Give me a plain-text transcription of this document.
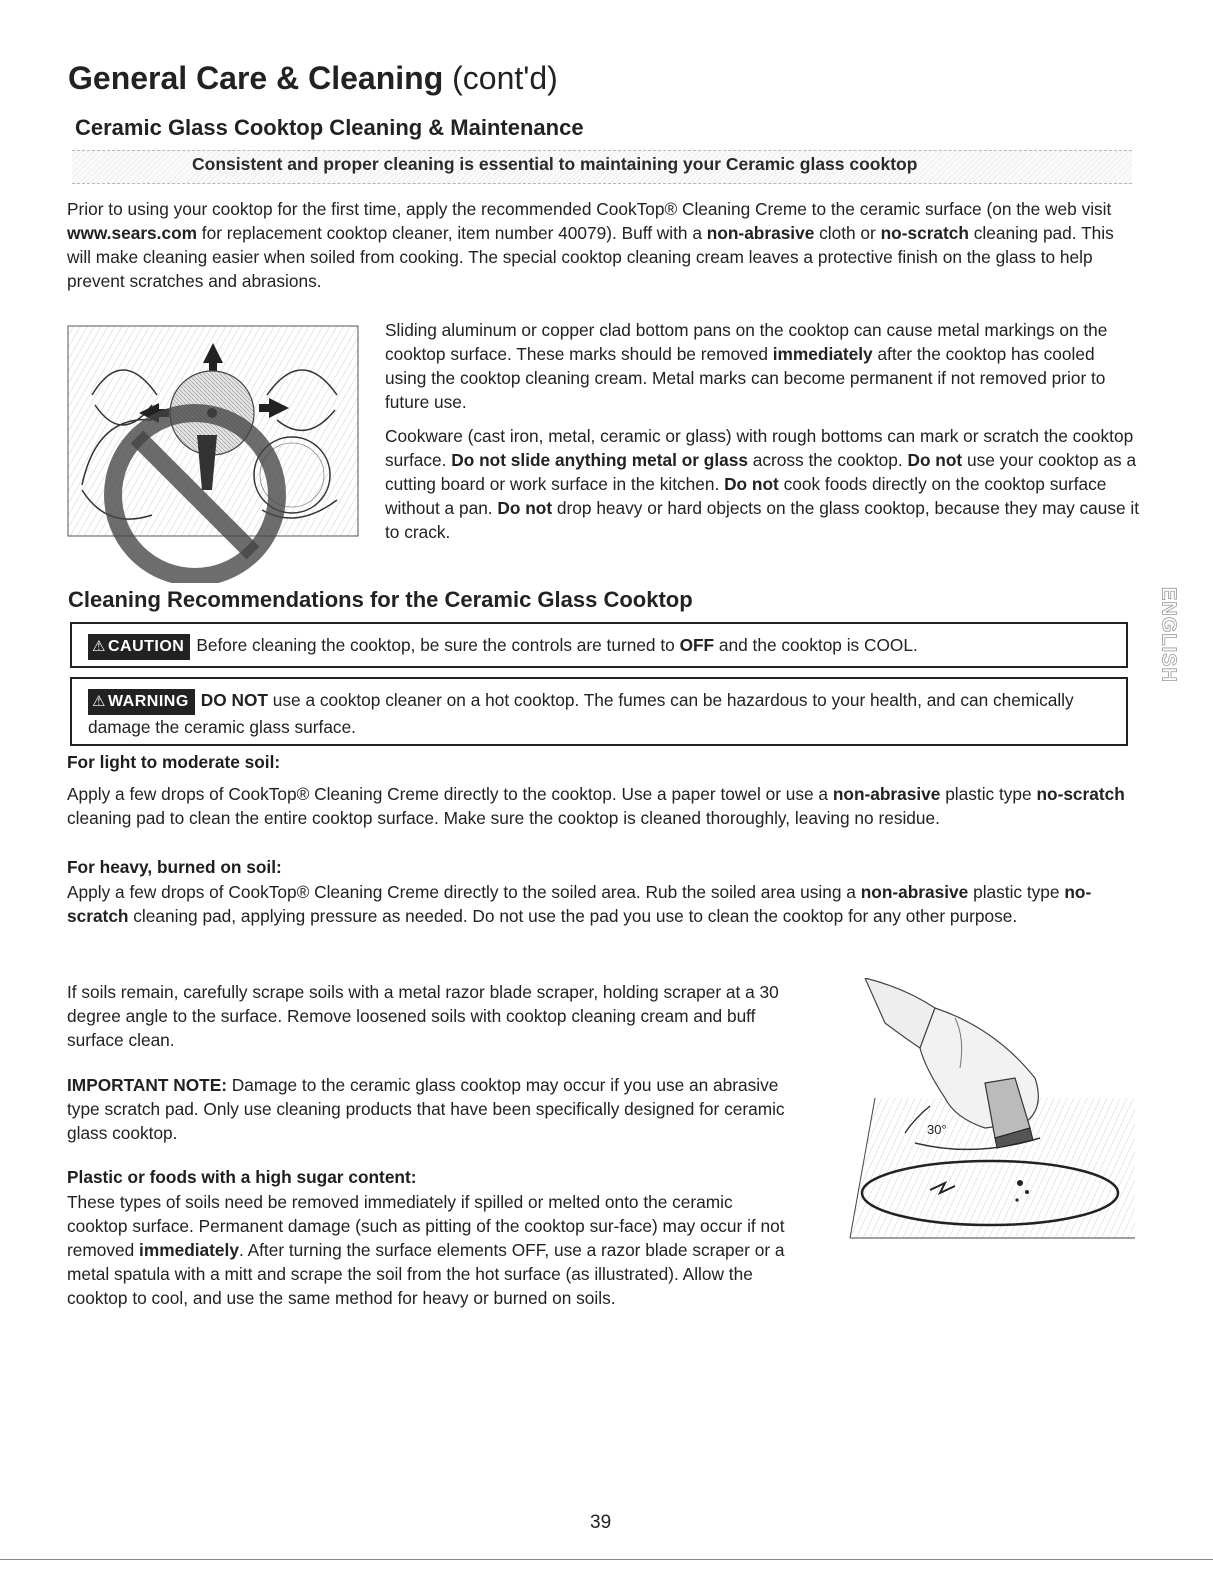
General Care & Cleaning (cont'd)
Ceramic Glass Cooktop Cleaning & Maintenance
Consistent and proper cleaning is essential to maintaining your Ceramic glass cooktop
Prior to using your cooktop for the first time, apply the recommended CookTop® Cleaning Creme to the ceramic surface (on the web visit www.sears.com for replacement cooktop cleaner, item number 40079). Buff with a non-abrasive cloth or no-scratch cleaning pad. This will make cleaning easier when soiled from cooking. The special cooktop cleaning cream leaves a protective finish on the glass to help prevent scratches and abrasions.
Sliding aluminum or copper clad bottom pans on the cooktop can cause metal markings on the cooktop surface. These marks should be removed immediately after the cooktop has cooled using the cooktop cleaning cream. Metal marks can become permanent if not removed prior to future use.
Cookware (cast iron, metal, ceramic or glass) with rough bottoms can mark or scratch the cooktop surface. Do not slide anything metal or glass across the cooktop. Do not use your cooktop as a cutting board or work surface in the kitchen. Do not cook foods directly on the cooktop surface without a pan. Do not drop heavy or hard objects on the glass cooktop, because they may cause it to crack.
Cleaning Recommendations for the Ceramic Glass Cooktop
⚠ CAUTION Before cleaning the cooktop, be sure the controls are turned to OFF and the cooktop is COOL.
⚠ WARNING DO NOT use a cooktop cleaner on a hot cooktop. The fumes can be hazardous to your health, and can chemically damage the ceramic glass surface.
ENGLISH
For light to moderate soil:
Apply a few drops of CookTop® Cleaning Creme directly to the cooktop. Use a paper towel or use a non-abrasive plastic type no-scratch cleaning pad to clean the entire cooktop surface. Make sure the cooktop is cleaned thoroughly, leaving no residue.
For heavy, burned on soil:
Apply a few drops of CookTop® Cleaning Creme directly to the soiled area. Rub the soiled area using a non-abrasive plastic type no-scratch cleaning pad, applying pressure as needed. Do not use the pad you use to clean the cooktop for any other purpose.
If soils remain, carefully scrape soils with a metal razor blade scraper, holding scraper at a 30 degree angle to the surface. Remove loosened soils with cooktop cleaning cream and buff surface clean.
IMPORTANT NOTE: Damage to the ceramic glass cooktop may occur if you use an abrasive type scratch pad. Only use cleaning products that have been specifically designed for ceramic glass cooktop.
Plastic or foods with a high sugar content:
These types of soils need be removed immediately if spilled or melted onto the ceramic cooktop surface. Permanent damage (such as pitting of the cooktop sur-face) may occur if not removed immediately. After turning the surface elements OFF, use a razor blade scraper or a metal spatula with a mitt and scrape the soil from the hot surface (as illustrated). Allow the cooktop to cool, and use the same method for heavy or burned on soils.
30°
39
